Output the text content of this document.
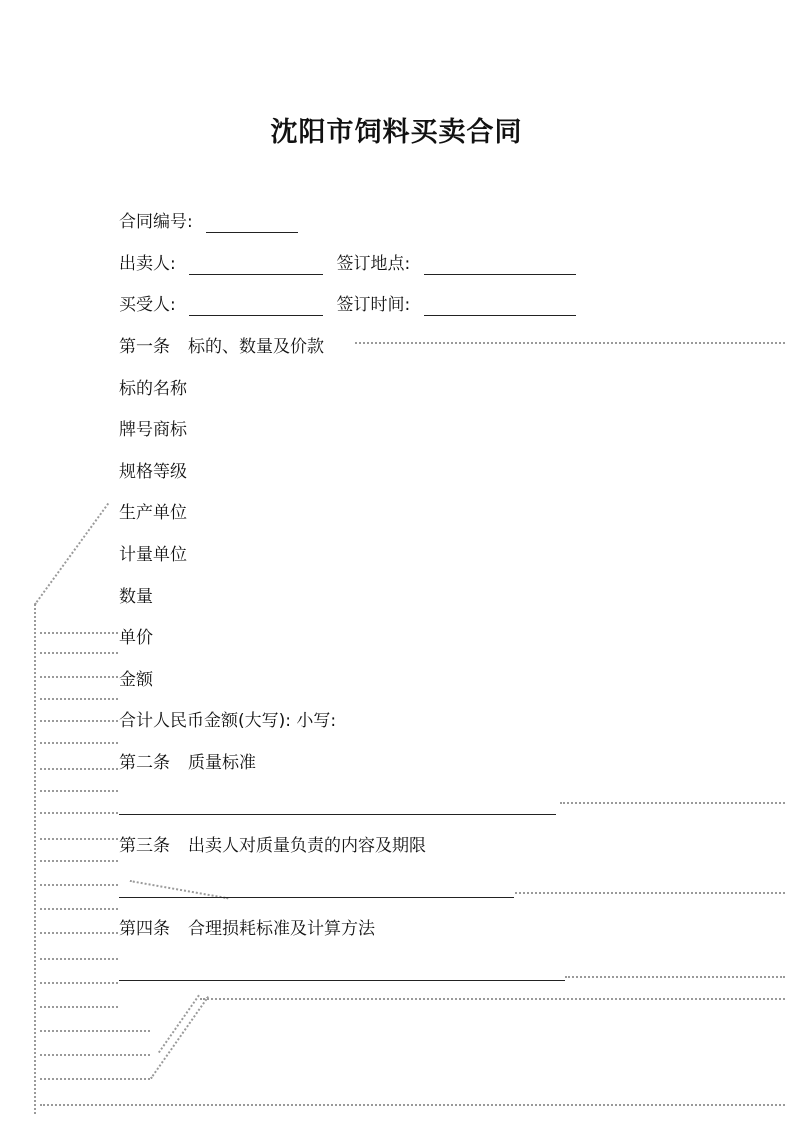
沈阳市饲料买卖合同
合同编号:
出卖人:	签订地点:
买受人:	签订时间:
第一条 标的、数量及价款
标的名称
牌号商标
规格等级
生产单位
计量单位
数量
单价
金额
合计人民币金额(大写): 小写:
第二条 质量标准
第三条 出卖人对质量负责的内容及期限
第四条 合理损耗标准及计算方法
